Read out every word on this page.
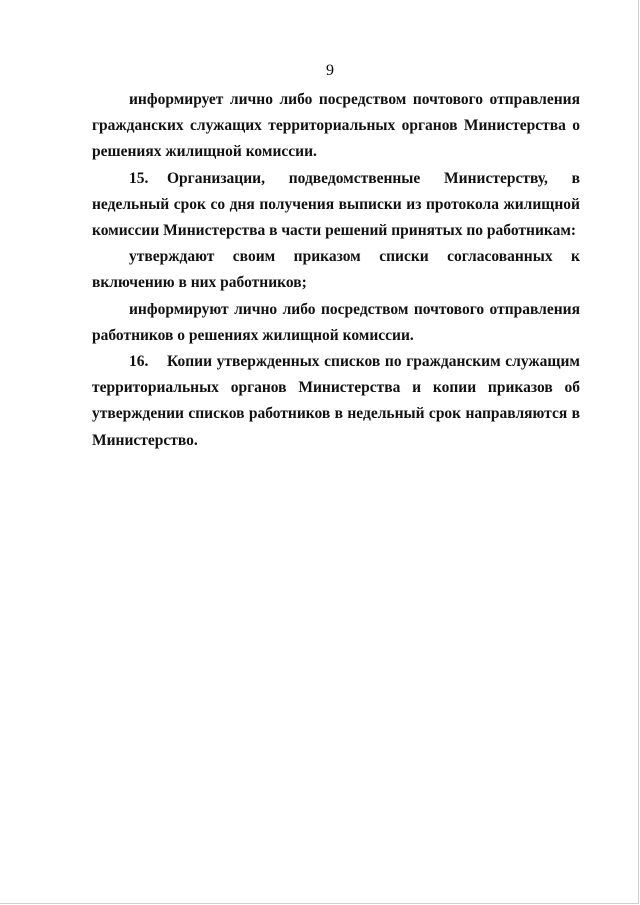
9

информирует лично либо посредством почтового отправления гражданских служащих территориальных органов Министерства о решениях жилищной комиссии.

15. Организации, подведомственные Министерству, в недельный срок со дня получения выписки из протокола жилищной комиссии Министерства в части решений принятых по работникам:

утверждают своим приказом списки согласованных к включению в них работников;

информируют лично либо посредством почтового отправления работников о решениях жилищной комиссии.

16. Копии утвержденных списков по гражданским служащим территориальных органов Министерства и копии приказов об утверждении списков работников в недельный срок направляются в Министерство.
